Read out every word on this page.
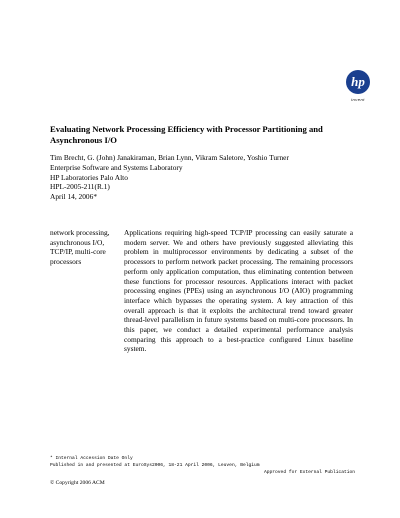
hp
invent
Evaluating Network Processing Efficiency with Processor Partitioning and Asynchronous I/O
Tim Brecht, G. (John) Janakiraman, Brian Lynn, Vikram Saletore, Yoshio Turner
Enterprise Software and Systems Laboratory
HP Laboratories Palo Alto
HPL-2005-211(R.1)
April 14, 2006*
network processing, asynchronous I/O, TCP/IP, multi-core processors
Applications requiring high-speed TCP/IP processing can easily saturate a modern server. We and others have previously suggested alleviating this problem in multiprocessor environments by dedicating a subset of the processors to perform network packet processing. The remaining processors perform only application computation, thus eliminating contention between these functions for processor resources. Applications interact with packet processing engines (PPEs) using an asynchronous I/O (AIO) programming interface which bypasses the operating system. A key attraction of this overall approach is that it exploits the architectural trend toward greater thread-level parallelism in future systems based on multi-core processors. In this paper, we conduct a detailed experimental performance analysis comparing this approach to a best-practice configured Linux baseline system.
* Internal Accession Date Only
Published in and presented at EuroSys2006, 18-21 April 2006, Leuven, Belgium
Approved for External Publication
© Copyright 2006 ACM
